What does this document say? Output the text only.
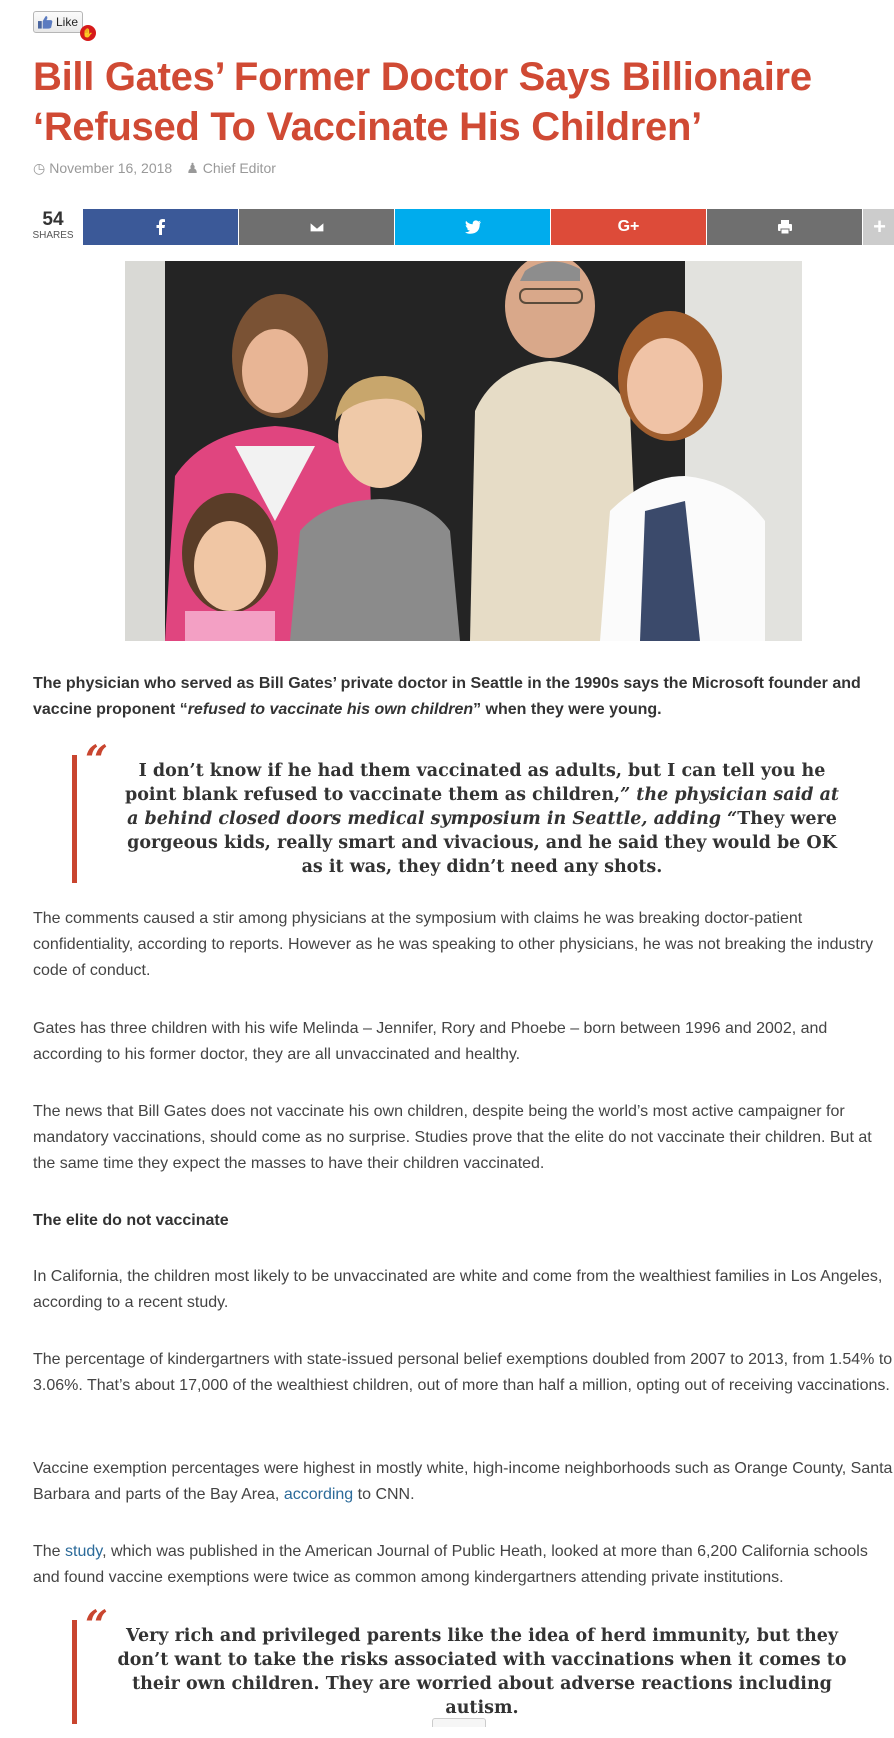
Like
✋
Bill Gates’ Former Doctor Says Billionaire ‘Refused To Vaccinate His Children’
◷ November 16, 2018 ♟ Chief Editor
54
SHARES
G+	+

The physician who served as Bill Gates’ private doctor in Seattle in the 1990s says the Microsoft founder and vaccine proponent “refused to vaccinate his own children” when they were young.

“ I don’t know if he had them vaccinated as adults, but I can tell you he point blank refused to vaccinate them as children,” the physician said at a behind closed doors medical symposium in Seattle, adding “They were gorgeous kids, really smart and vivacious, and he said they would be OK as it was, they didn’t need any shots.

The comments caused a stir among physicians at the symposium with claims he was breaking doctor-patient confidentiality, according to reports. However as he was speaking to other physicians, he was not breaking the industry code of conduct.

Gates has three children with his wife Melinda – Jennifer, Rory and Phoebe – born between 1996 and 2002, and according to his former doctor, they are all unvaccinated and healthy.

The news that Bill Gates does not vaccinate his own children, despite being the world’s most active campaigner for mandatory vaccinations, should come as no surprise. Studies prove that the elite do not vaccinate their children. But at the same time they expect the masses to have their children vaccinated.

The elite do not vaccinate

In California, the children most likely to be unvaccinated are white and come from the wealthiest families in Los Angeles, according to a recent study.

The percentage of kindergartners with state-issued personal belief exemptions doubled from 2007 to 2013, from 1.54% to 3.06%. That’s about 17,000 of the wealthiest children, out of more than half a million, opting out of receiving vaccinations.

Vaccine exemption percentages were highest in mostly white, high-income neighborhoods such as Orange County, Santa Barbara and parts of the Bay Area, according to CNN.

The study, which was published in the American Journal of Public Heath, looked at more than 6,200 California schools and found vaccine exemptions were twice as common among kindergartners attending private institutions.

“ Very rich and privileged parents like the idea of herd immunity, but they don’t want to take the risks associated with vaccinations when it comes to their own children. They are worried about adverse reactions including autism.
